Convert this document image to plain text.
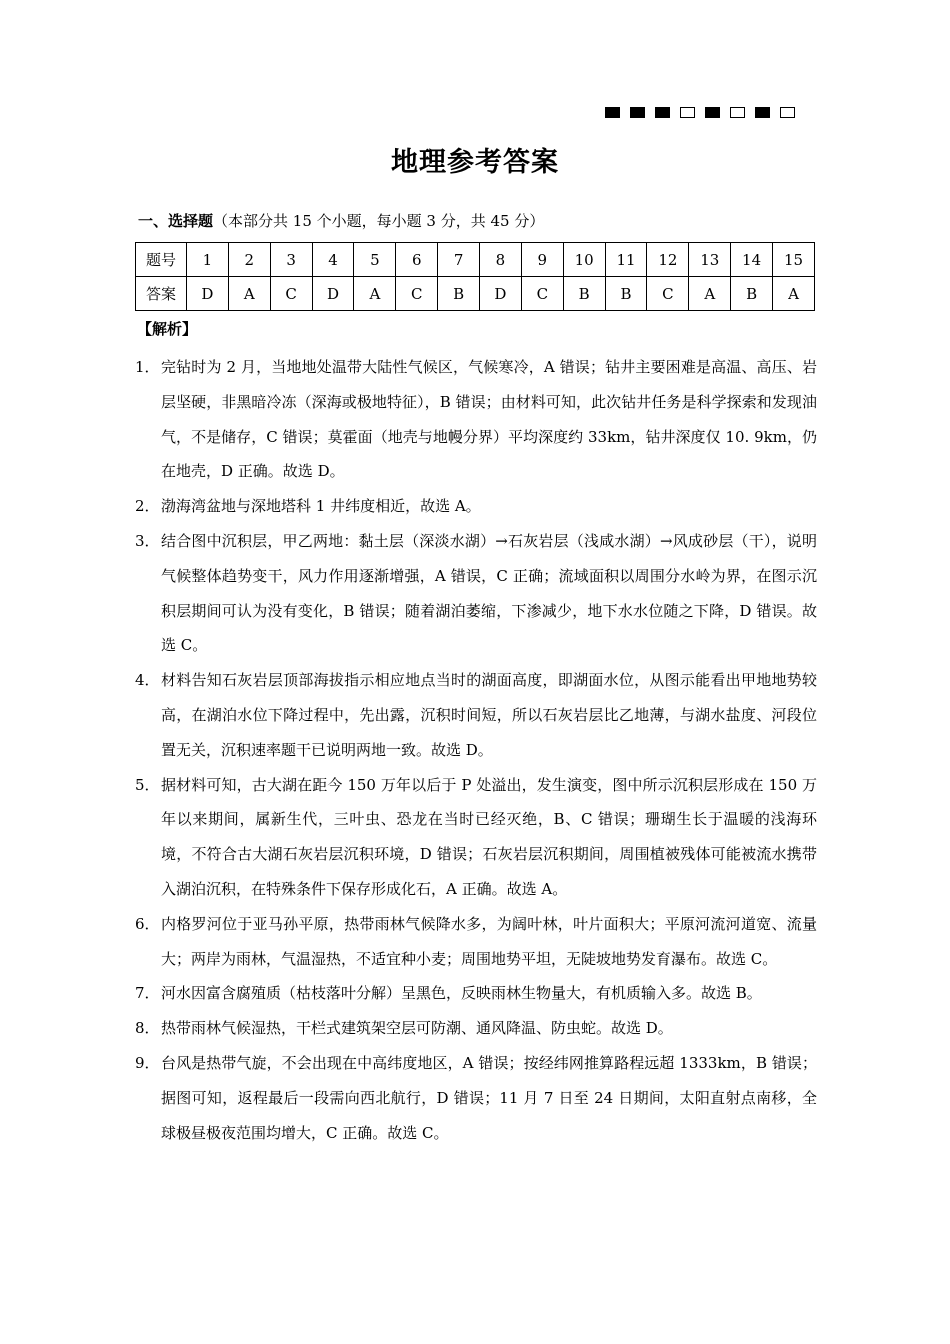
地理参考答案
一、选择题（本部分共 15 个小题，每小题 3 分，共 45 分）
题号	1	2	3	4	5	6	7	8	9	10	11	12	13	14	15
答案	D	A	C	D	A	C	B	D	C	B	B	C	A	B	A
【解析】
1． 完钻时为 2 月，当地地处温带大陆性气候区，气候寒冷，A 错误；钻井主要困难是高温、高压、岩层坚硬，非黑暗冷冻（深海或极地特征），B 错误；由材料可知，此次钻井任务是科学探索和发现油气，不是储存，C 错误；莫霍面（地壳与地幔分界）平均深度约 33km，钻井深度仅 10. 9km，仍在地壳，D 正确。故选 D。
2． 渤海湾盆地与深地塔科 1 井纬度相近，故选 A。
3． 结合图中沉积层，甲乙两地：黏土层（深淡水湖）→石灰岩层（浅咸水湖）→风成砂层（干），说明气候整体趋势变干，风力作用逐渐增强，A 错误，C 正确；流域面积以周围分水岭为界，在图示沉积层期间可认为没有变化，B 错误；随着湖泊萎缩，下渗减少，地下水水位随之下降，D 错误。故选 C。
4． 材料告知石灰岩层顶部海拔指示相应地点当时的湖面高度，即湖面水位，从图示能看出甲地地势较高，在湖泊水位下降过程中，先出露，沉积时间短，所以石灰岩层比乙地薄，与湖水盐度、河段位置无关，沉积速率题干已说明两地一致。故选 D。
5． 据材料可知，古大湖在距今 150 万年以后于 P 处溢出，发生演变，图中所示沉积层形成在 150 万年以来期间，属新生代，三叶虫、恐龙在当时已经灭绝，B、C 错误；珊瑚生长于温暖的浅海环境，不符合古大湖石灰岩层沉积环境，D 错误；石灰岩层沉积期间，周围植被残体可能被流水携带入湖泊沉积，在特殊条件下保存形成化石，A 正确。故选 A。
6． 内格罗河位于亚马孙平原，热带雨林气候降水多，为阔叶林，叶片面积大；平原河流河道宽、流量大；两岸为雨林，气温湿热，不适宜种小麦；周围地势平坦，无陡坡地势发育瀑布。故选 C。
7． 河水因富含腐殖质（枯枝落叶分解）呈黑色，反映雨林生物量大，有机质输入多。故选 B。
8． 热带雨林气候湿热，干栏式建筑架空层可防潮、通风降温、防虫蛇。故选 D。
9． 台风是热带气旋，不会出现在中高纬度地区，A 错误；按经纬网推算路程远超 1333km，B 错误；据图可知，返程最后一段需向西北航行，D 错误；11 月 7 日至 24 日期间，太阳直射点南移，全球极昼极夜范围均增大，C 正确。故选 C。
